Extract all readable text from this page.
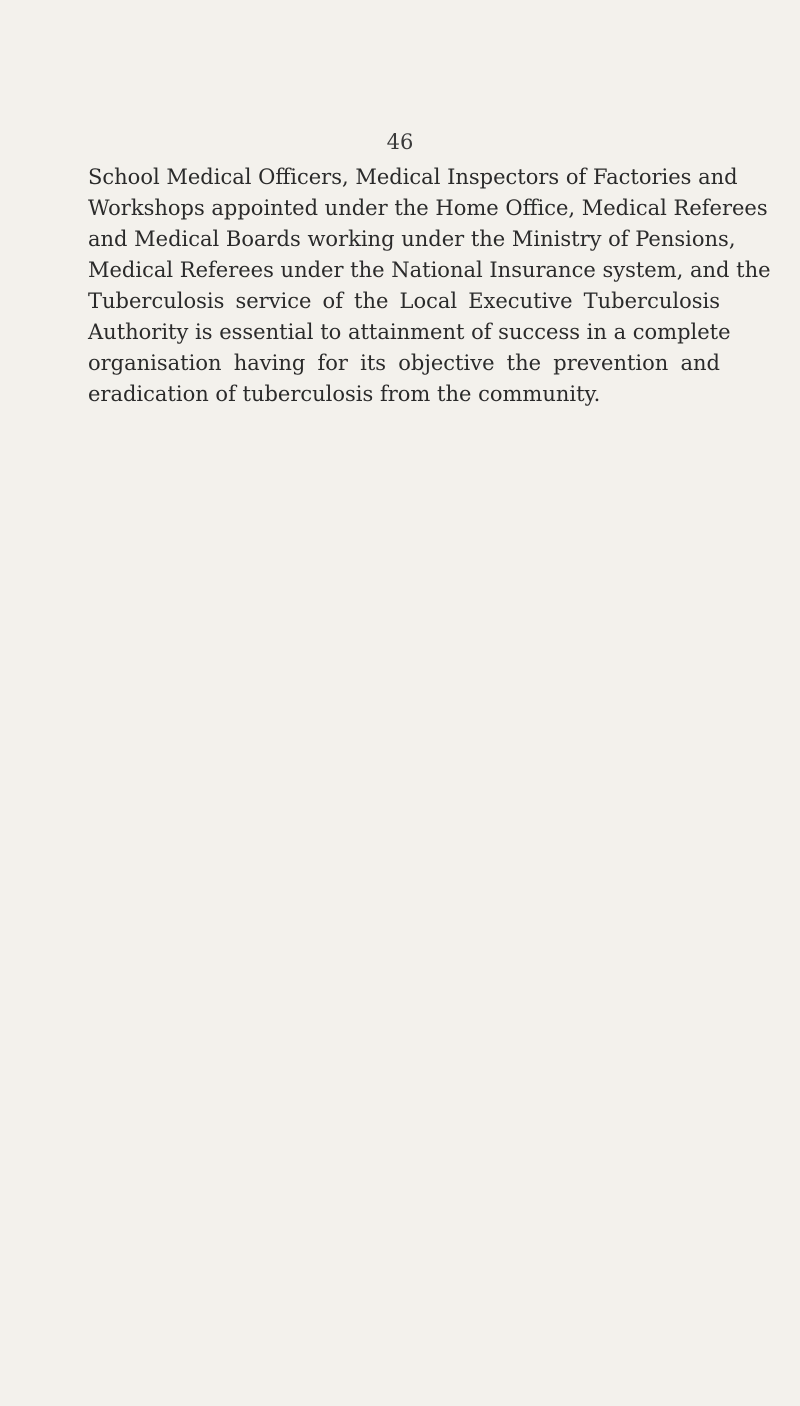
46
School Medical Officers, Medical Inspectors of Factories and
Workshops appointed under the Home Office, Medical Referees
and Medical Boards working under the Ministry of Pensions,
Medical Referees under the National Insurance system, and the
Tuberculosis service of the Local Executive Tuberculosis
Authority is essential to attainment of success in a complete
organisation having for its objective the prevention and
eradication of tuberculosis from the community.
